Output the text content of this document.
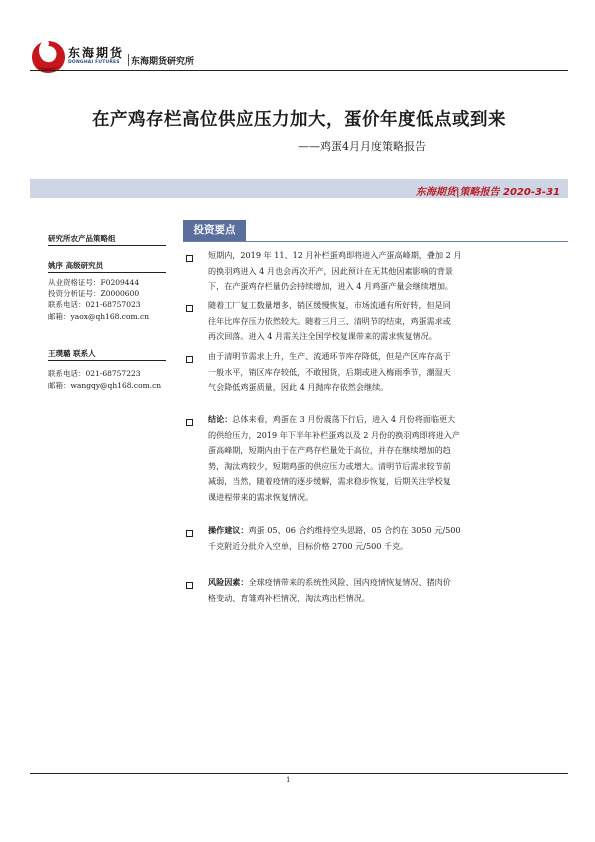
东海期货
DONGHAI FUTURES 东海期货研究所
在产鸡存栏高位供应压力加大，蛋价年度低点或到来
——鸡蛋4月月度策略报告
东海期货|策略报告 2020-3-31
研究所农产品策略组
姚序 高级研究员
从业资格证号：F0209444
投资分析证号：Z0000600
联系电话：021-68757023
邮箱：yaox@qh168.com.cn
王璞璐 联系人
联系电话：021-68757223
邮箱：wangqy@qh168.com.cn
投资要点
短期内，2019 年 11、12 月补栏蛋鸡即将进入产蛋高峰期，叠加 2 月
的换羽鸡进入 4 月也会再次开产，因此预计在无其他因素影响的背景
下，在产蛋鸡存栏量仍会持续增加，进入 4 月鸡蛋产量会继续增加。
随着工厂复工数量增多，销区缓慢恢复，市场流通有所好转，但是同
往年比库存压力依然较大。随着三月三、清明节的结束，鸡蛋需求或
再次回落。进入 4 月需关注全国学校复课带来的需求恢复情况。
由于清明节需求上升，生产、流通环节库存降低，但是产区库存高于
一般水平，销区库存较低，不敢囤货，后期或进入梅雨季节，潮湿天
气会降低鸡蛋质量，因此 4 月抛库存依然会继续。
结论：总体来看，鸡蛋在 3 月份震荡下行后，进入 4 月份将面临更大
的供给压力，2019 年下半年补栏蛋鸡以及 2 月份的换羽鸡即将进入产
蛋高峰期，短期内由于在产鸡存栏量处于高位，并存在继续增加的趋
势，淘汰鸡较少，短期鸡蛋的供应压力或增大。清明节后需求较节前
减弱，当然，随着疫情的逐步缓解，需求稳步恢复，后期关注学校复
课进程带来的需求恢复情况。
操作建议：鸡蛋 05、06 合约维持空头思路，05 合约在 3050 元/500
千克附近分批介入空单，目标价格 2700 元/500 千克。
风险因素：全球疫情带来的系统性风险、国内疫情恢复情况、猪肉价
格变动、育雏鸡补栏情况、淘汰鸡出栏情况。
1
